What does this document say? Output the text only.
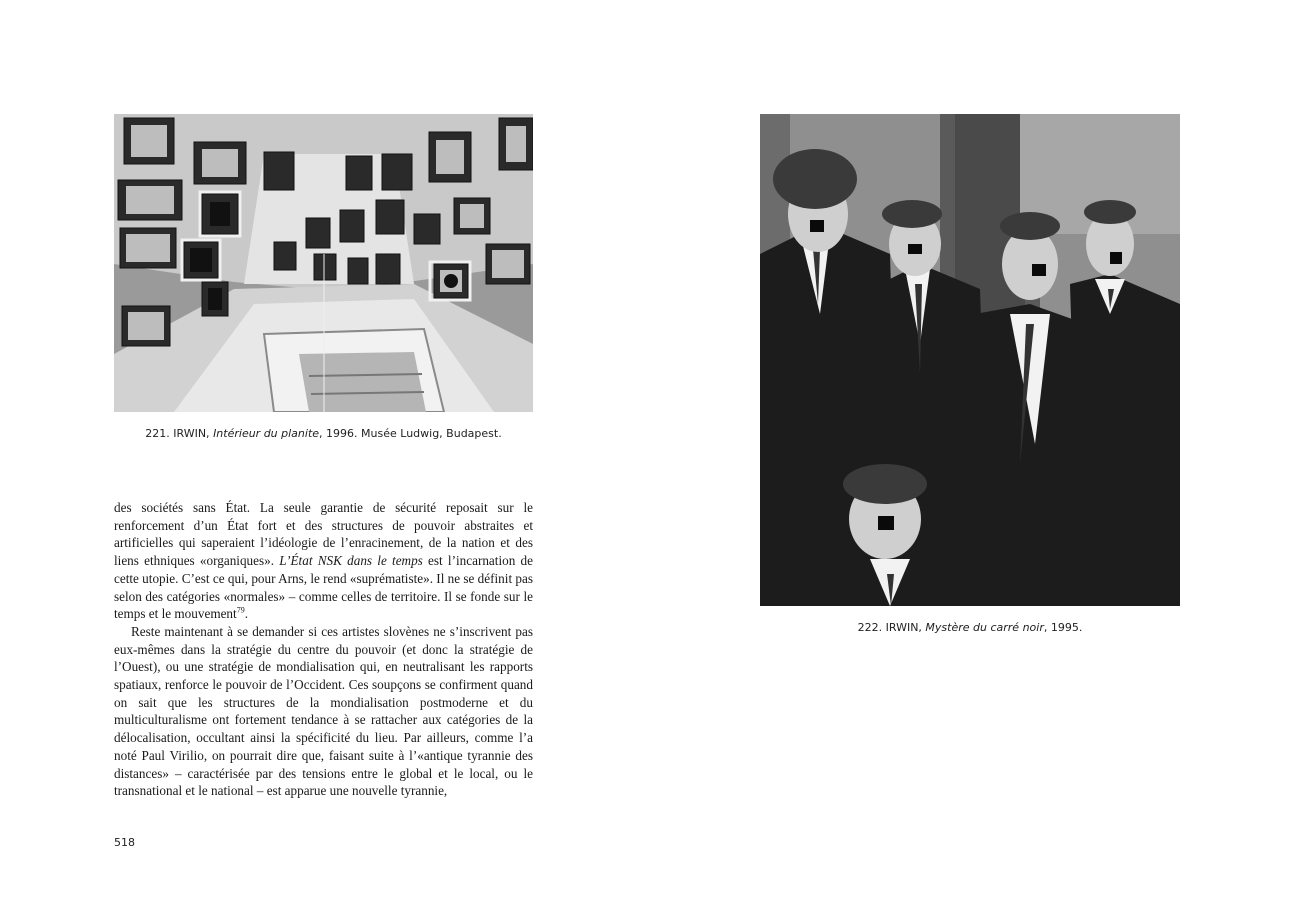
221. IRWIN, Intérieur du planite, 1996. Musée Ludwig, Budapest.

des sociétés sans État. La seule garantie de sécurité reposait sur le renforcement d’un État fort et des structures de pouvoir abstraites et artificielles qui saperaient l’idéologie de l’enracinement, de la nation et des liens ethniques «organiques». L’État NSK dans le temps est l’incarnation de cette utopie. C’est ce qui, pour Arns, le rend «suprématiste». Il ne se définit pas selon des catégories «normales» – comme celles de territoire. Il se fonde sur le temps et le mouvement$^{79}$.

Reste maintenant à se demander si ces artistes slovènes ne s’inscrivent pas eux-mêmes dans la stratégie du centre du pouvoir (et donc la stratégie de l’Ouest), ou une stratégie de mondialisation qui, en neutralisant les rapports spatiaux, renforce le pouvoir de l’Occident. Ces soupçons se confirment quand on sait que les structures de la mondialisation postmoderne et du multiculturalisme ont fortement tendance à se rattacher aux catégories de la délocalisation, occultant ainsi la spécificité du lieu. Par ailleurs, comme l’a noté Paul Virilio, on pourrait dire que, faisant suite à l’«antique tyrannie des distances» – caractérisée par des tensions entre le global et le local, ou le transnational et le national – est apparue une nouvelle tyrannie,

518
222. IRWIN, Mystère du carré noir, 1995.
